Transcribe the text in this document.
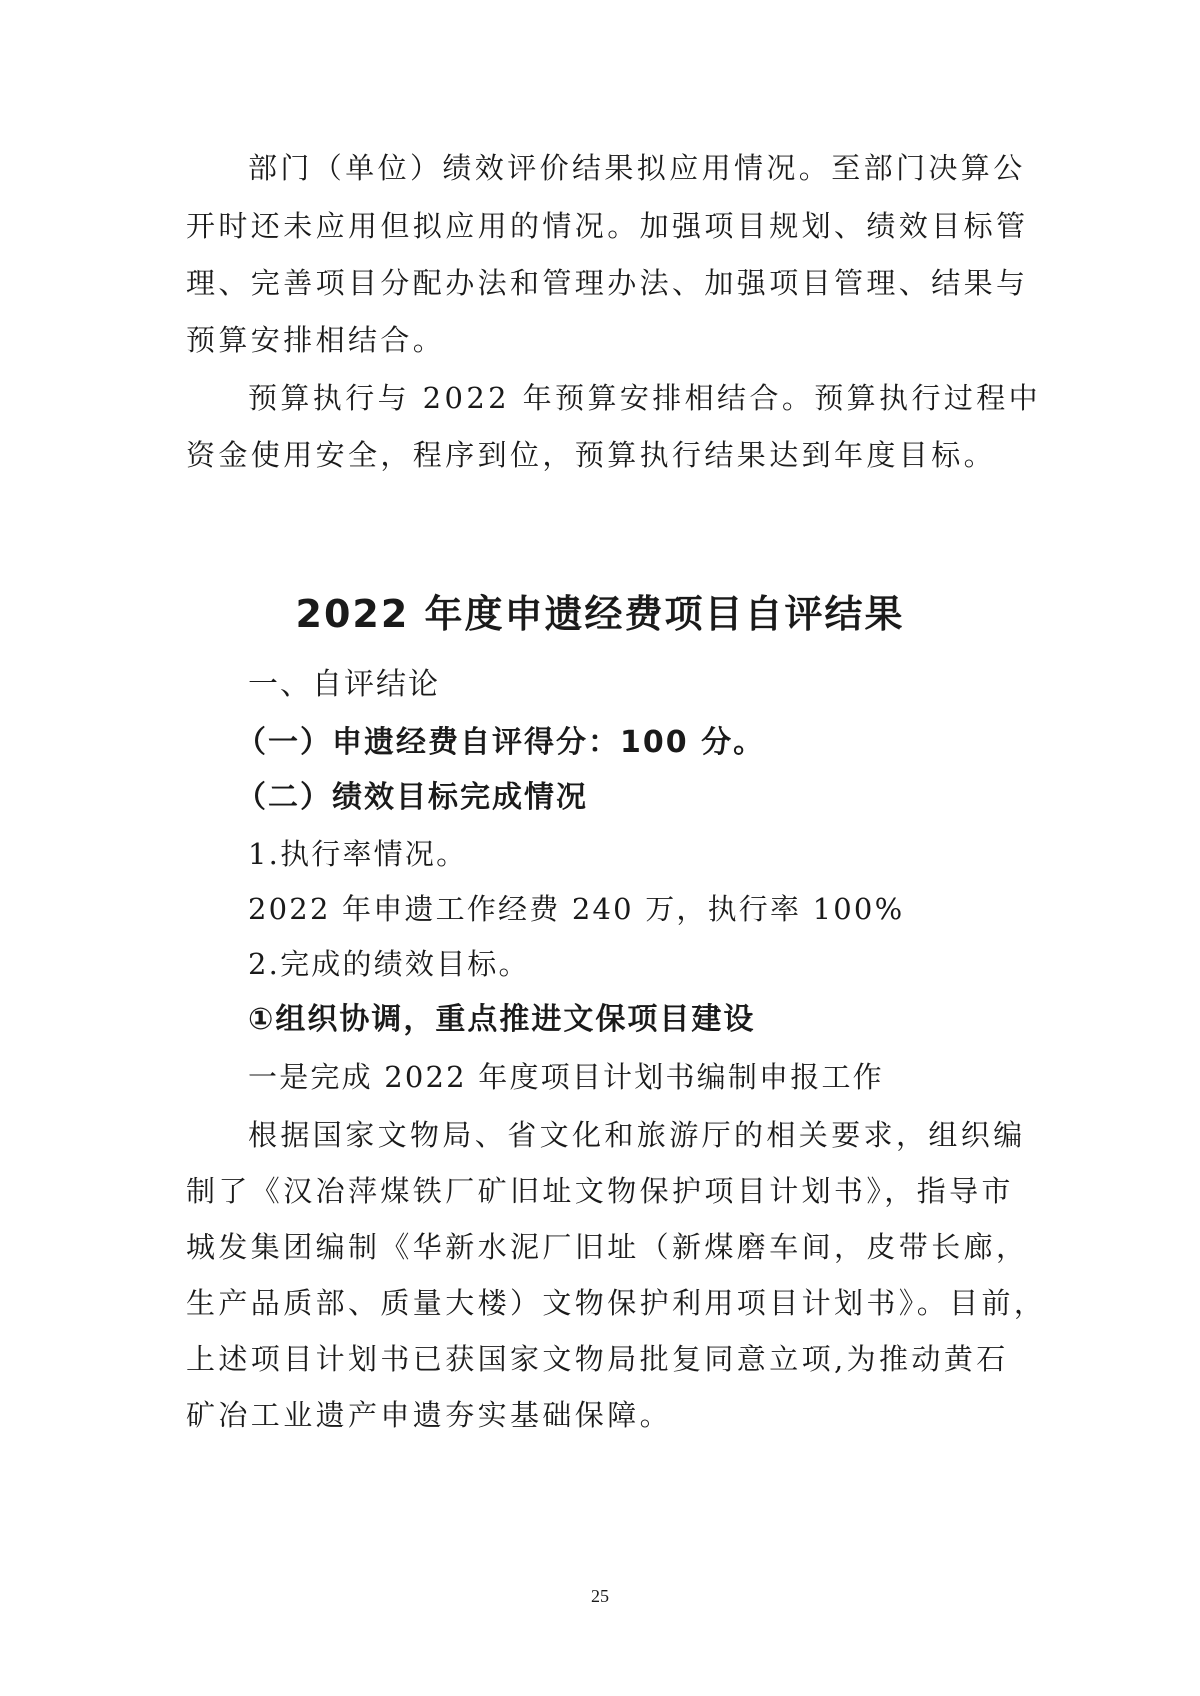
部门（单位）绩效评价结果拟应用情况。至部门决算公

开时还未应用但拟应用的情况。加强项目规划、绩效目标管

理、完善项目分配办法和管理办法、加强项目管理、结果与

预算安排相结合。

预算执行与 2022 年预算安排相结合。预算执行过程中

资金使用安全，程序到位，预算执行结果达到年度目标。

2022 年度申遗经费项目自评结果

一、自评结论

（一）申遗经费自评得分：100 分。

（二）绩效目标完成情况

1.执行率情况。

2022 年申遗工作经费 240 万，执行率 100%

2.完成的绩效目标。

①组织协调，重点推进文保项目建设

一是完成 2022 年度项目计划书编制申报工作

根据国家文物局、省文化和旅游厅的相关要求，组织编

制了《汉冶萍煤铁厂矿旧址文物保护项目计划书》，指导市

城发集团编制《华新水泥厂旧址（新煤磨车间，皮带长廊，

生产品质部、质量大楼）文物保护利用项目计划书》。目前，

上述项目计划书已获国家文物局批复同意立项,为推动黄石

矿冶工业遗产申遗夯实基础保障。

25
